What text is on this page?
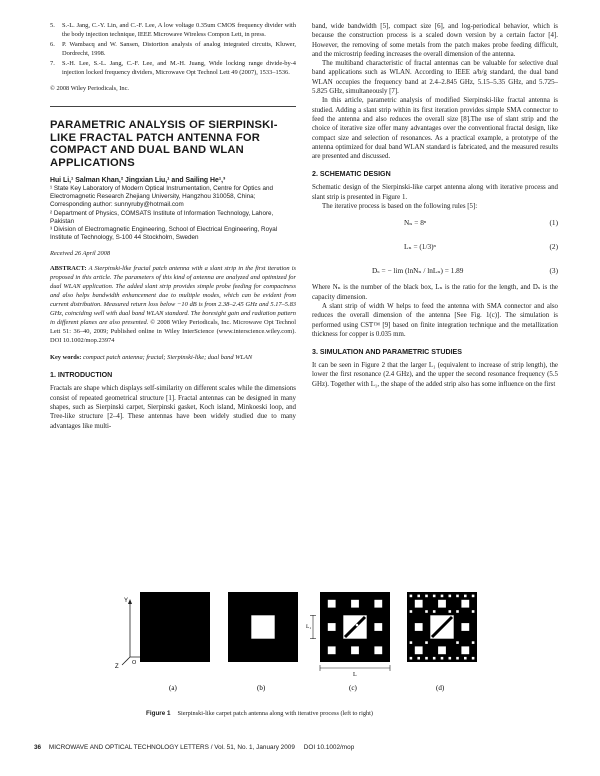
5. S.-L. Jang, C.-Y. Lin, and C.-F. Lee, A low voltage 0.35um CMOS frequency divider with the body injection technique, IEEE Microwave Wireless Compon Lett, in press.
6. P. Wambacq and W. Sansen, Distortion analysis of analog integrated circuits, Kluwer, Dordrecht, 1998.
7. S.-H. Lee, S.-L. Jang, C.-F. Lee, and M.-H. Juang, Wide locking range divide-by-4 injection locked frequency dividers, Microwave Opt Technol Lett 49 (2007), 1533–1536.
© 2008 Wiley Periodicals, Inc.
PARAMETRIC ANALYSIS OF SIERPINSKI-LIKE FRACTAL PATCH ANTENNA FOR COMPACT AND DUAL BAND WLAN APPLICATIONS
Hui Li,¹ Salman Khan,² Jingxian Liu,¹ and Sailing He¹,³
¹ State Key Laboratory of Modern Optical Instrumentation, Centre for Optics and Electromagnetic Research Zhejiang University, Hangzhou 310058, China; Corresponding author: sunnyruby@hotmail.com
² Department of Physics, COMSATS Institute of Information Technology, Lahore, Pakistan
³ Division of Electromagnetic Engineering, School of Electrical Engineering, Royal Institute of Technology, S-100 44 Stockholm, Sweden
Received 26 April 2008
ABSTRACT: A Sierpinski-like fractal patch antenna with a slant strip in the first iteration is proposed in this article. The parameters of this kind of antenna are analyzed and optimized for dual WLAN application. The added slant strip provides simple probe feeding for compactness and also helps bandwidth enhancement due to multiple modes, which can be evident from current distribution. Measured return loss below −10 dB is from 2.38–2.45 GHz and 5.17–5.83 GHz, coinciding well with dual band WLAN standard. The boresight gain and radiation pattern in different planes are also presented. © 2008 Wiley Periodicals, Inc. Microwave Opt Technol Lett 51: 36–40, 2009; Published online in Wiley InterScience (www.interscience.wiley.com). DOI 10.1002/mop.23974
Key words: compact patch antenna; fractal; Sierpinski-like; dual band WLAN
1. INTRODUCTION

Fractals are shape which displays self-similarity on different scales while the dimensions consist of repeated geometrical structure [1]. Fractal antennas can be designed in many shapes, such as Sierpinski carpet, Sierpinski gasket, Koch island, Minkoeski loop, and Tree-like structure [2–4]. These antennas have been widely studied due to many advantages like multi-

band, wide bandwidth [5], compact size [6], and log-periodical behavior, which is because the construction process is a scaled down version by a certain factor [4]. However, the removing of some metals from the patch makes probe feeding difficult, and the microstrip feeding increases the overall dimension of the antenna.

The multiband characteristic of fractal antennas can be valuable for selective dual band applications such as WLAN. According to IEEE a/b/g standard, the dual band WLAN occupies the frequency band at 2.4–2.845 GHz, 5.15–5.35 GHz, and 5.725–5.825 GHz, simultaneously [7].

In this article, parametric analysis of modified Sierpinski-like fractal antenna is studied. Adding a slant strip within its first iteration provides simple SMA connector to feed the antenna and also reduces the overall size [8].The use of slant strip and the choice of iterative size offer many advantages over the conventional fractal design, like compact size and selection of resonances. As a practical example, a prototype of the antenna optimized for dual band WLAN standard is fabricated, and the measured results are presented and discussed.

2. SCHEMATIC DESIGN

Schematic design of the Sierpinski-like carpet antenna along with iterative process and slant strip is presented in Figure 1.

The iterative process is based on the following rules [5]:

Nₙ = 8ⁿ	(1)
Lₙ = (1/3)ⁿ	(2)
Dₛ = − lim (lnNₙ / lnLₙ) = 1.89	(3)

Where Nₙ is the number of the black box, Lₙ is the ratio for the length, and Dₛ is the capacity dimension.

A slant strip of width W helps to feed the antenna with SMA connector and also reduces the overall dimension of the antenna [See Fig. 1(c)]. The simulation is performed using CST™ [9] based on finite integration technique and the metallization thickness for copper is 0.035 mm.

3. SIMULATION AND PARAMETRIC STUDIES

It can be seen in Figure 2 that the larger L₁ (equivalent to increase of strip length), the lower the first resonance (2.4 GHz), and the upper the second resonance frequency (5.5 GHz). Together with L₁, the shape of the added strip also has some influence on the first

Y
Z
O
(a)	(b)
L₁
L
W
(c)	(d)
Figure 1 Sierpinski-like carpet patch antenna along with iterative process (left to right)
36 MICROWAVE AND OPTICAL TECHNOLOGY LETTERS / Vol. 51, No. 1, January 2009 DOI 10.1002/mop
